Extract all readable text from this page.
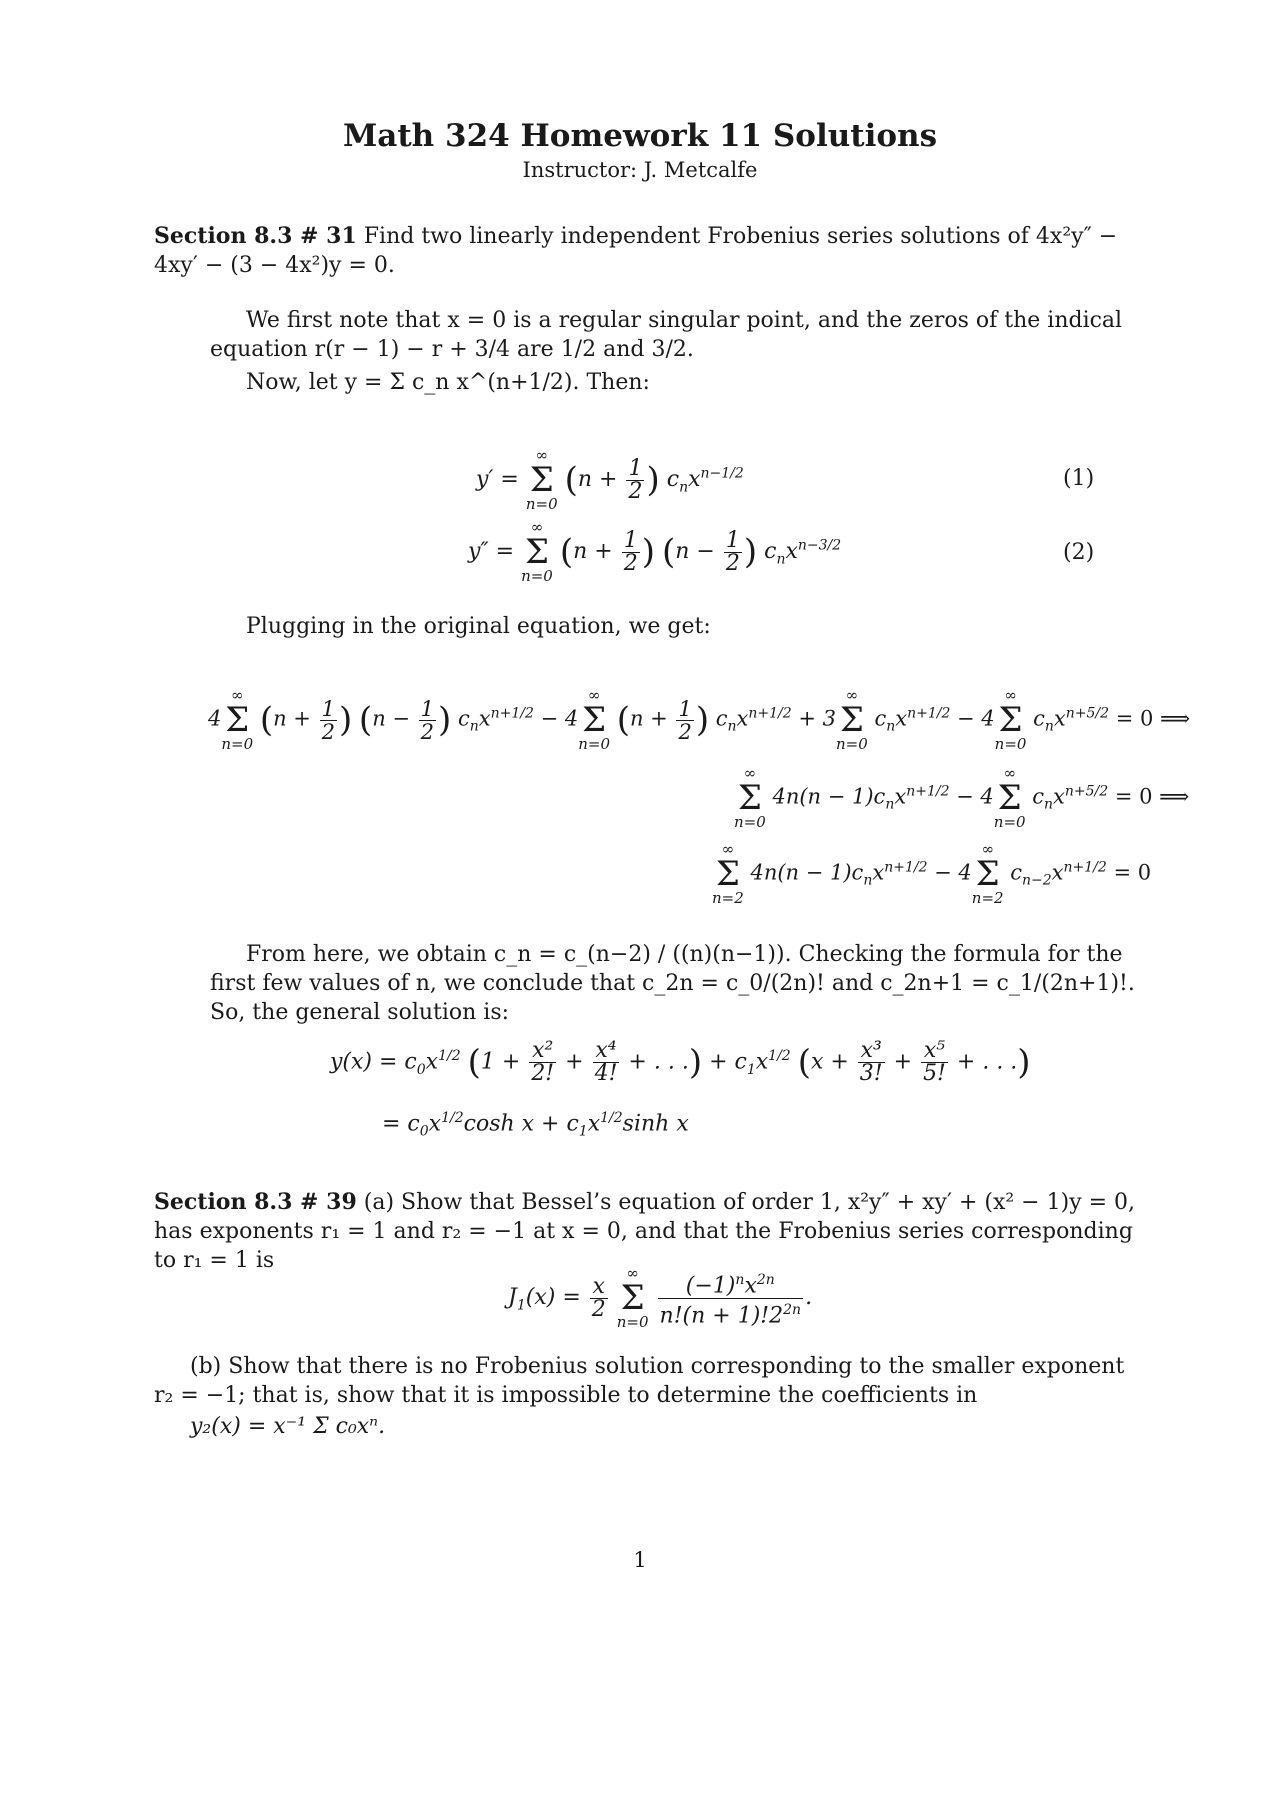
Math 324 Homework 11 Solutions
Instructor: J. Metcalfe
Section 8.3 # 31 Find two linearly independent Frobenius series solutions of 4x²y″ − 4xy′ − (3 − 4x²)y = 0.
We first note that x = 0 is a regular singular point, and the zeros of the indical equation r(r − 1) − r + 3/4 are 1/2 and 3/2.
Now, let y = Σ c_n x^(n+1/2). Then:
y′ =
∞
Σ
n=0
($n + \frac{1}{2}$ ) $c_nx^{n-1/2}$	(1)
y″ =
∞
Σ
n=0
($n + \frac{1}{2}$ ) ($n - \frac{1}{2}$ ) $c_nx^{n-3/2}$	(2)
Plugging in the original equation, we get:
4
∞
Σ
n=0
($n + \frac{1}{2}$ ) ($n - \frac{1}{2}$ ) $c_nx^{n+1/2} - 4$
∞
Σ
n=0
($n + \frac{1}{2}$ ) $c_nx^{n+1/2} + 3$
∞
Σ
n=0
$c_nx^{n+1/2} - 4$
∞
Σ
n=0
$c_nx^{n+5/2} = 0$ ⟹
∞
Σ
n=0
$4n(n - 1)c_nx^{n+1/2} - 4$
∞
Σ
n=0
$c_nx^{n+5/2} = 0$ ⟹
∞
Σ
n=2
$4n(n - 1)c_nx^{n+1/2} - 4$
∞
Σ
n=2
$c_{n-2}x^{n+1/2} = 0$
From here, we obtain c_n = c_(n−2) / ((n)(n−1)). Checking the formula for the first few values of n, we conclude that c_2n = c_0/(2n)! and c_2n+1 = c_1/(2n+1)!. So, the general solution is:
$y(x) = c_0x^{1/2}$ ($1 + \frac{\text{x²}}{2!} + \frac{\text{x⁴}}{4!}$ + . . .) + $c_1x^{1/2}$ ($x + \frac{\text{x³}}{3!} + \frac{\text{x⁵}}{5!}$ + . . .)
= $c_0x^{1/2}\cosh$ $x + c_1x^{1/2}\sinh$ x
Section 8.3 # 39 (a) Show that Bessel’s equation of order 1, x²y″ + xy′ + (x² − 1)y = 0, has exponents r₁ = 1 and r₂ = −1 at x = 0, and that the Frobenius series corresponding to r₁ = 1 is
$J_1(x) = \frac{x}{2}$

∞
Σ
n=0
$\frac{(-1)^nx^{2n}}{n!(n + 1)!2^{2n}}$ .
(b) Show that there is no Frobenius solution corresponding to the smaller exponent r₂ = −1; that is, show that it is impossible to determine the coefficients in
y₂(x) = x⁻¹ Σ c₀xⁿ.
1
